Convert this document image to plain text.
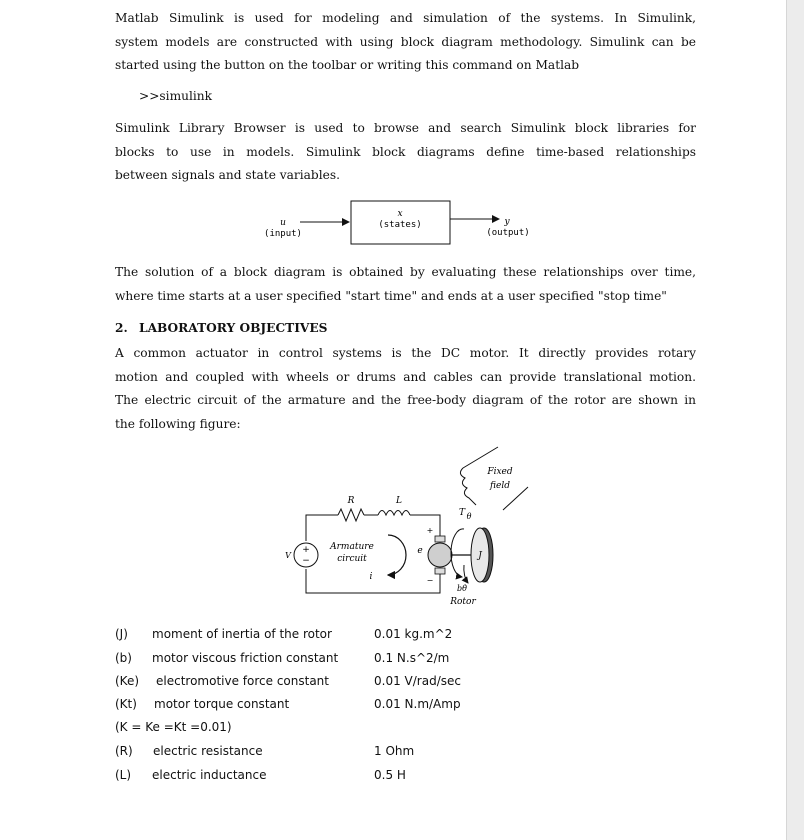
Matlab Simulink is used for modeling and simulation of the systems. In Simulink,
system models are constructed with using block diagram methodology. Simulink can be
started using the button on the toolbar or writing this command on Matlab
>>simulink
Simulink Library Browser is used to browse and search Simulink block libraries for
blocks to use in models. Simulink block diagrams define time-based relationships
between signals and state variables.
u
(input)
x
(states)	y
(output)
The solution of a block diagram is obtained by evaluating these relationships over time,
where time starts at a user specified "start time" and ends at a user specified "stop time"
2. LABORATORY OBJECTIVES
A common actuator in control systems is the DC motor. It directly provides rotary
motion and coupled with wheels or drums and cables can provide translational motion.
The electric circuit of the armature and the free-body diagram of the rotor are shown in
the following figure:
+
−
V
R	L
Armature
circuit
i
e
+
−
J
T θ
bθ̇
Rotor
Fixed
field
(J) moment of inertia of the rotor	0.01 kg.m^2
(b) motor viscous friction constant	0.1 N.s^2/m
(Ke) electromotive force constant	0.01 V/rad/sec
(Kt) motor torque constant	0.01 N.m/Amp
(K = Ke =Kt =0.01)
(R) electric resistance	1 Ohm
(L) electric inductance	0.5 H
